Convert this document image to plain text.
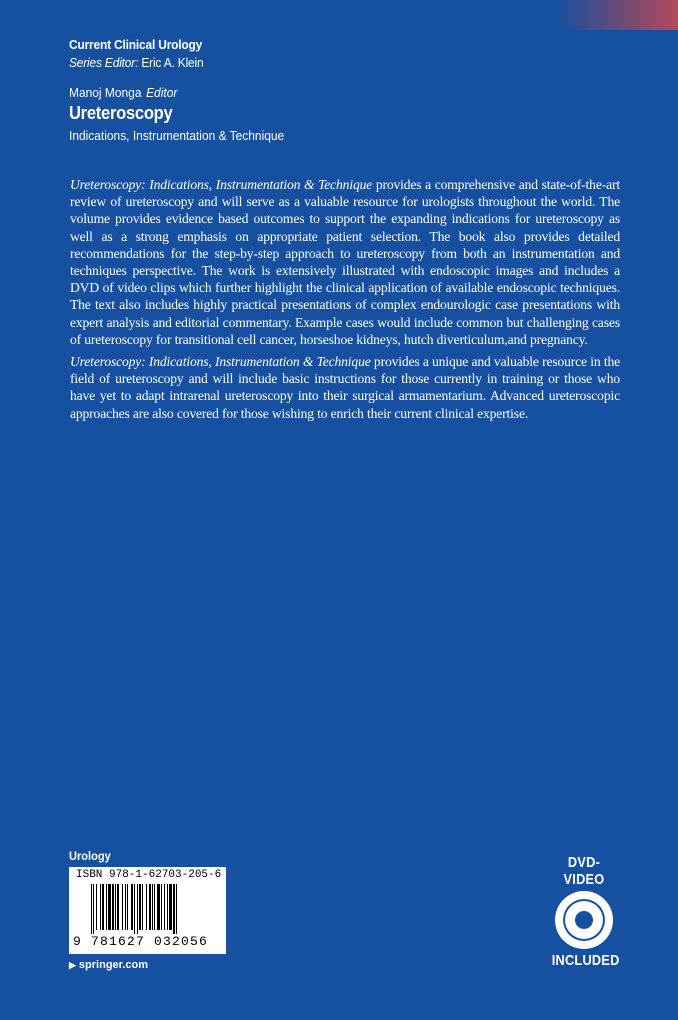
Current Clinical Urology
Series Editor: Eric A. Klein
Manoj Monga Editor
Ureteroscopy
Indications, Instrumentation & Technique

Ureteroscopy: Indications, Instrumentation & Technique provides a comprehensive and state-of-the-art review of ureteroscopy and will serve as a valuable resource for urologists throughout the world. The volume provides evidence based outcomes to support the expanding indications for ureteroscopy as well as a strong emphasis on appropriate patient selection. The book also provides detailed recommendations for the step-by-step approach to ureteroscopy from both an instrumentation and techniques perspective. The work is extensively illustrated with endoscopic images and includes a DVD of video clips which further highlight the clinical application of available endoscopic techniques. The text also includes highly practical presentations of complex endourologic case presentations with expert analysis and editorial commentary. Example cases would include common but challenging cases of ureteroscopy for transitional cell cancer, horseshoe kidneys, hutch diverticulum,and pregnancy.

Ureteroscopy: Indications, Instrumentation & Technique provides a unique and valuable resource in the field of ureteroscopy and will include basic instructions for those currently in training or those who have yet to adapt intrarenal ureteroscopy into their surgical armamentarium. Advanced ureteroscopic approaches are also covered for those wishing to enrich their current clinical expertise.

Urology
ISBN 978-1-62703-205-6
9 781627 032056
▶ springer.com
DVD-VIDEO
INCLUDED
